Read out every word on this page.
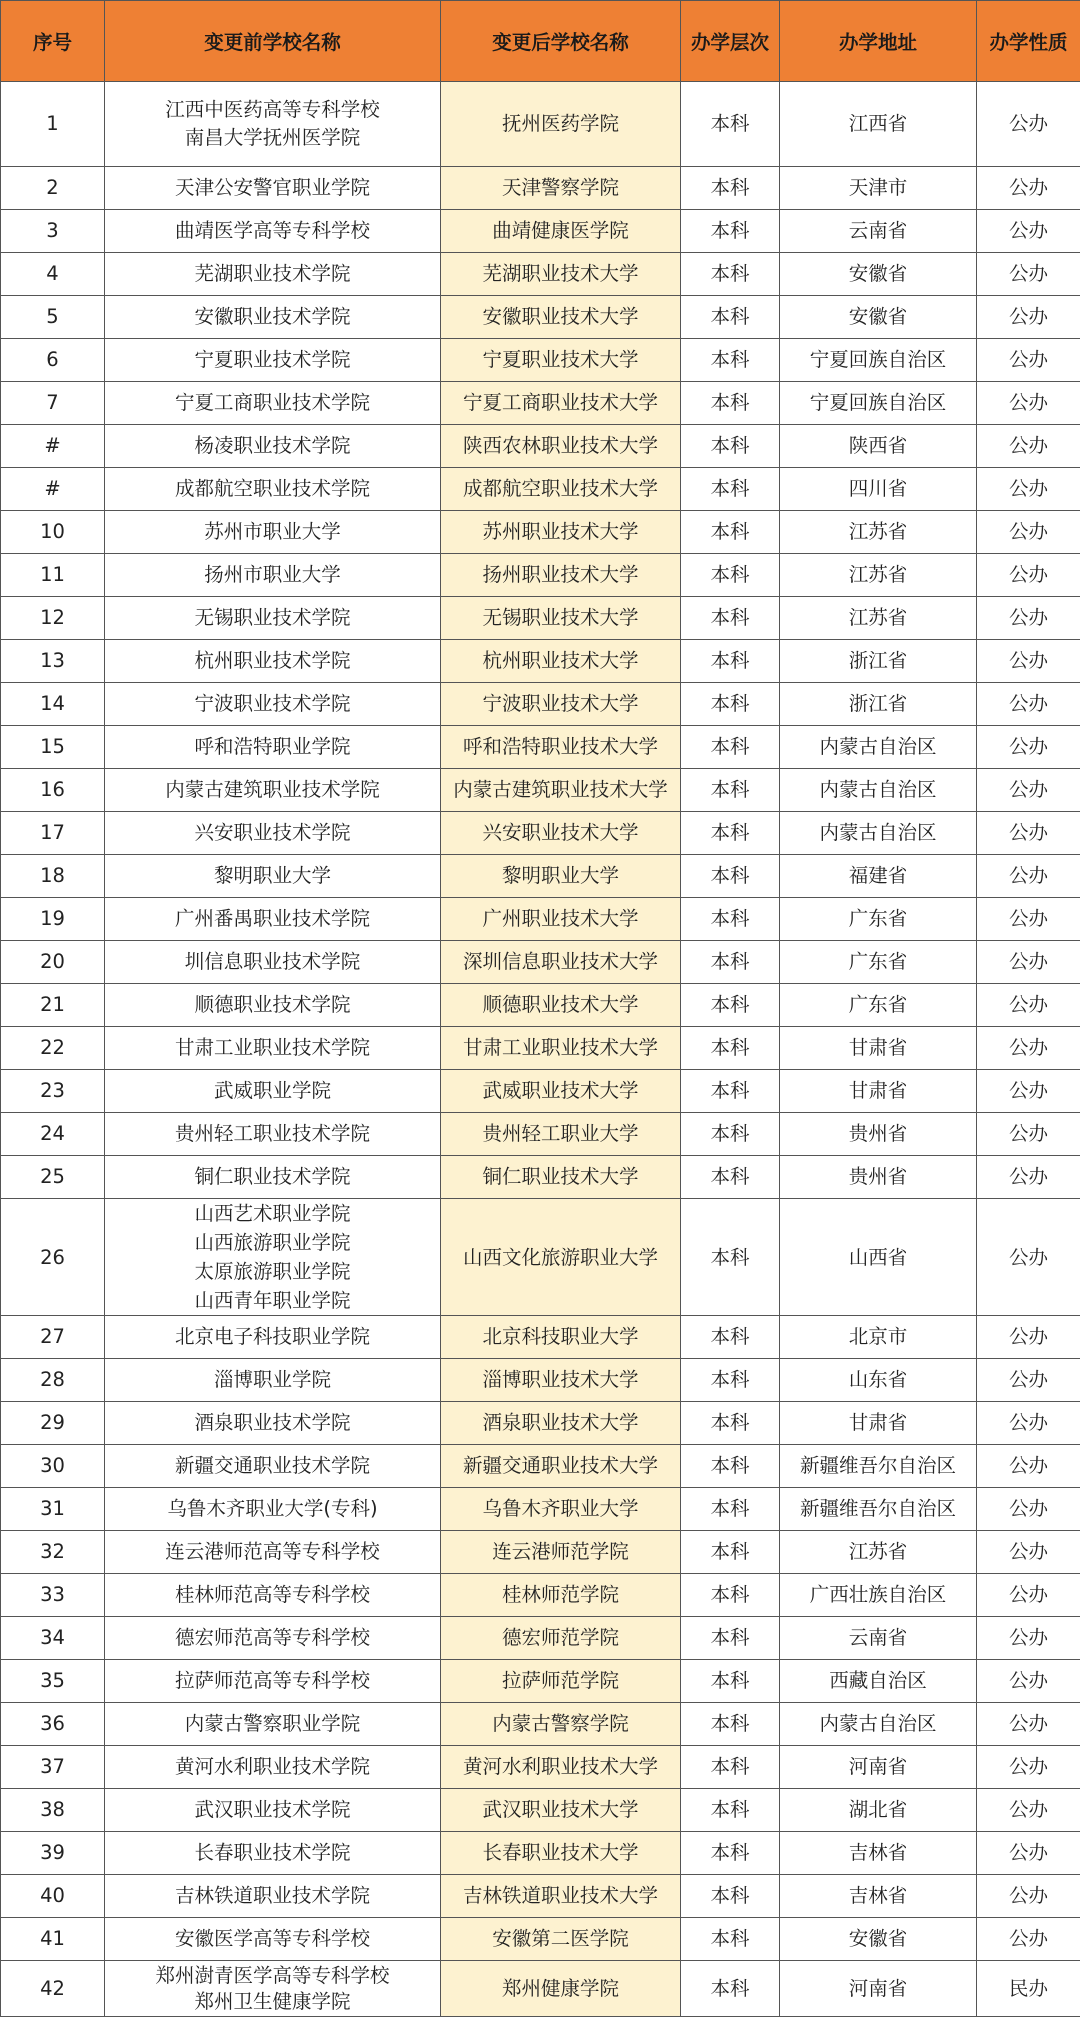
序号	变更前学校名称	变更后学校名称	办学层次	办学地址	办学性质
1	江西中医药高等专科学校
南昌大学抚州医学院	抚州医药学院	本科	江西省	公办
2	天津公安警官职业学院	天津警察学院	本科	天津市	公办
3	曲靖医学高等专科学校	曲靖健康医学院	本科	云南省	公办
4	芜湖职业技术学院	芜湖职业技术大学	本科	安徽省	公办
5	安徽职业技术学院	安徽职业技术大学	本科	安徽省	公办
6	宁夏职业技术学院	宁夏职业技术大学	本科	宁夏回族自治区	公办
7	宁夏工商职业技术学院	宁夏工商职业技术大学	本科	宁夏回族自治区	公办
#	杨凌职业技术学院	陕西农林职业技术大学	本科	陕西省	公办
#	成都航空职业技术学院	成都航空职业技术大学	本科	四川省	公办
10	苏州市职业大学	苏州职业技术大学	本科	江苏省	公办
11	扬州市职业大学	扬州职业技术大学	本科	江苏省	公办
12	无锡职业技术学院	无锡职业技术大学	本科	江苏省	公办
13	杭州职业技术学院	杭州职业技术大学	本科	浙江省	公办
14	宁波职业技术学院	宁波职业技术大学	本科	浙江省	公办
15	呼和浩特职业学院	呼和浩特职业技术大学	本科	内蒙古自治区	公办
16	内蒙古建筑职业技术学院	内蒙古建筑职业技术大学	本科	内蒙古自治区	公办
17	兴安职业技术学院	兴安职业技术大学	本科	内蒙古自治区	公办
18	黎明职业大学	黎明职业大学	本科	福建省	公办
19	广州番禺职业技术学院	广州职业技术大学	本科	广东省	公办
20	圳信息职业技术学院	深圳信息职业技术大学	本科	广东省	公办
21	顺德职业技术学院	顺德职业技术大学	本科	广东省	公办
22	甘肃工业职业技术学院	甘肃工业职业技术大学	本科	甘肃省	公办
23	武威职业学院	武威职业技术大学	本科	甘肃省	公办
24	贵州轻工职业技术学院	贵州轻工职业大学	本科	贵州省	公办
25	铜仁职业技术学院	铜仁职业技术大学	本科	贵州省	公办
26	山西艺术职业学院
山西旅游职业学院
太原旅游职业学院
山西青年职业学院	山西文化旅游职业大学	本科	山西省	公办
27	北京电子科技职业学院	北京科技职业大学	本科	北京市	公办
28	淄博职业学院	淄博职业技术大学	本科	山东省	公办
29	酒泉职业技术学院	酒泉职业技术大学	本科	甘肃省	公办
30	新疆交通职业技术学院	新疆交通职业技术大学	本科	新疆维吾尔自治区	公办
31	乌鲁木齐职业大学(专科)	乌鲁木齐职业大学	本科	新疆维吾尔自治区	公办
32	连云港师范高等专科学校	连云港师范学院	本科	江苏省	公办
33	桂林师范高等专科学校	桂林师范学院	本科	广西壮族自治区	公办
34	德宏师范高等专科学校	德宏师范学院	本科	云南省	公办
35	拉萨师范高等专科学校	拉萨师范学院	本科	西藏自治区	公办
36	内蒙古警察职业学院	内蒙古警察学院	本科	内蒙古自治区	公办
37	黄河水利职业技术学院	黄河水利职业技术大学	本科	河南省	公办
38	武汉职业技术学院	武汉职业技术大学	本科	湖北省	公办
39	长春职业技术学院	长春职业技术大学	本科	吉林省	公办
40	吉林铁道职业技术学院	吉林铁道职业技术大学	本科	吉林省	公办
41	安徽医学高等专科学校	安徽第二医学院	本科	安徽省	公办
42	郑州澍青医学高等专科学校
郑州卫生健康学院	郑州健康学院	本科	河南省	民办
